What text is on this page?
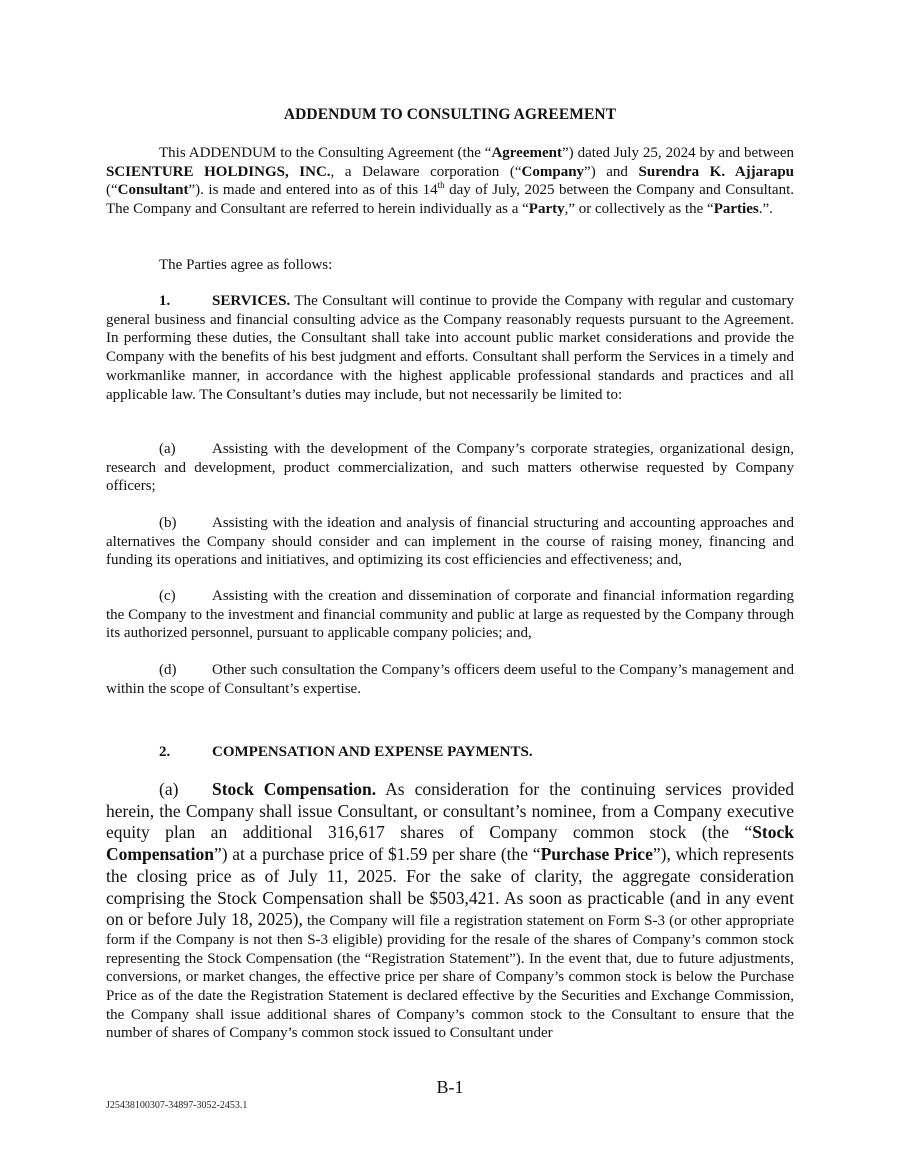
ADDENDUM TO CONSULTING AGREEMENT
This ADDENDUM to the Consulting Agreement (the “Agreement”) dated July 25, 2024 by and between SCIENTURE HOLDINGS, INC., a Delaware corporation (“Company”) and Surendra K. Ajjarapu (“Consultant”). is made and entered into as of this 14th day of July, 2025 between the Company and Consultant. The Company and Consultant are referred to herein individually as a “Party,” or collectively as the “Parties.”.
The Parties agree as follows:
1.	SERVICES. The Consultant will continue to provide the Company with regular and customary general business and financial consulting advice as the Company reasonably requests pursuant to the Agreement. In performing these duties, the Consultant shall take into account public market considerations and provide the Company with the benefits of his best judgment and efforts. Consultant shall perform the Services in a timely and workmanlike manner, in accordance with the highest applicable professional standards and practices and all applicable law. The Consultant’s duties may include, but not necessarily be limited to:
(a) Assisting with the development of the Company’s corporate strategies, organizational design, research and development, product commercialization, and such matters otherwise requested by Company officers;
(b) Assisting with the ideation and analysis of financial structuring and accounting approaches and alternatives the Company should consider and can implement in the course of raising money, financing and funding its operations and initiatives, and optimizing its cost efficiencies and effectiveness; and,
(c) Assisting with the creation and dissemination of corporate and financial information regarding the Company to the investment and financial community and public at large as requested by the Company through its authorized personnel, pursuant to applicable company policies; and,
(d) Other such consultation the Company’s officers deem useful to the Company’s management and within the scope of Consultant’s expertise.
2.	COMPENSATION AND EXPENSE PAYMENTS.
(a) Stock Compensation. As consideration for the continuing services provided herein, the Company shall issue Consultant, or consultant’s nominee, from a Company executive equity plan an additional 316,617 shares of Company common stock (the “Stock Compensation”) at a purchase price of $1.59 per share (the “Purchase Price”), which represents the closing price as of July 11, 2025. For the sake of clarity, the aggregate consideration comprising the Stock Compensation shall be $503,421. As soon as practicable (and in any event on or before July 18, 2025), the Company will file a registration statement on Form S-3 (or other appropriate form if the Company is not then S-3 eligible) providing for the resale of the shares of Company’s common stock representing the Stock Compensation (the “Registration Statement”). In the event that, due to future adjustments, conversions, or market changes, the effective price per share of Company’s common stock is below the Purchase Price as of the date the Registration Statement is declared effective by the Securities and Exchange Commission, the Company shall issue additional shares of Company’s common stock to the Consultant to ensure that the number of shares of Company’s common stock issued to Consultant under
B-1
J25438100307-34897-3052-2453.1
